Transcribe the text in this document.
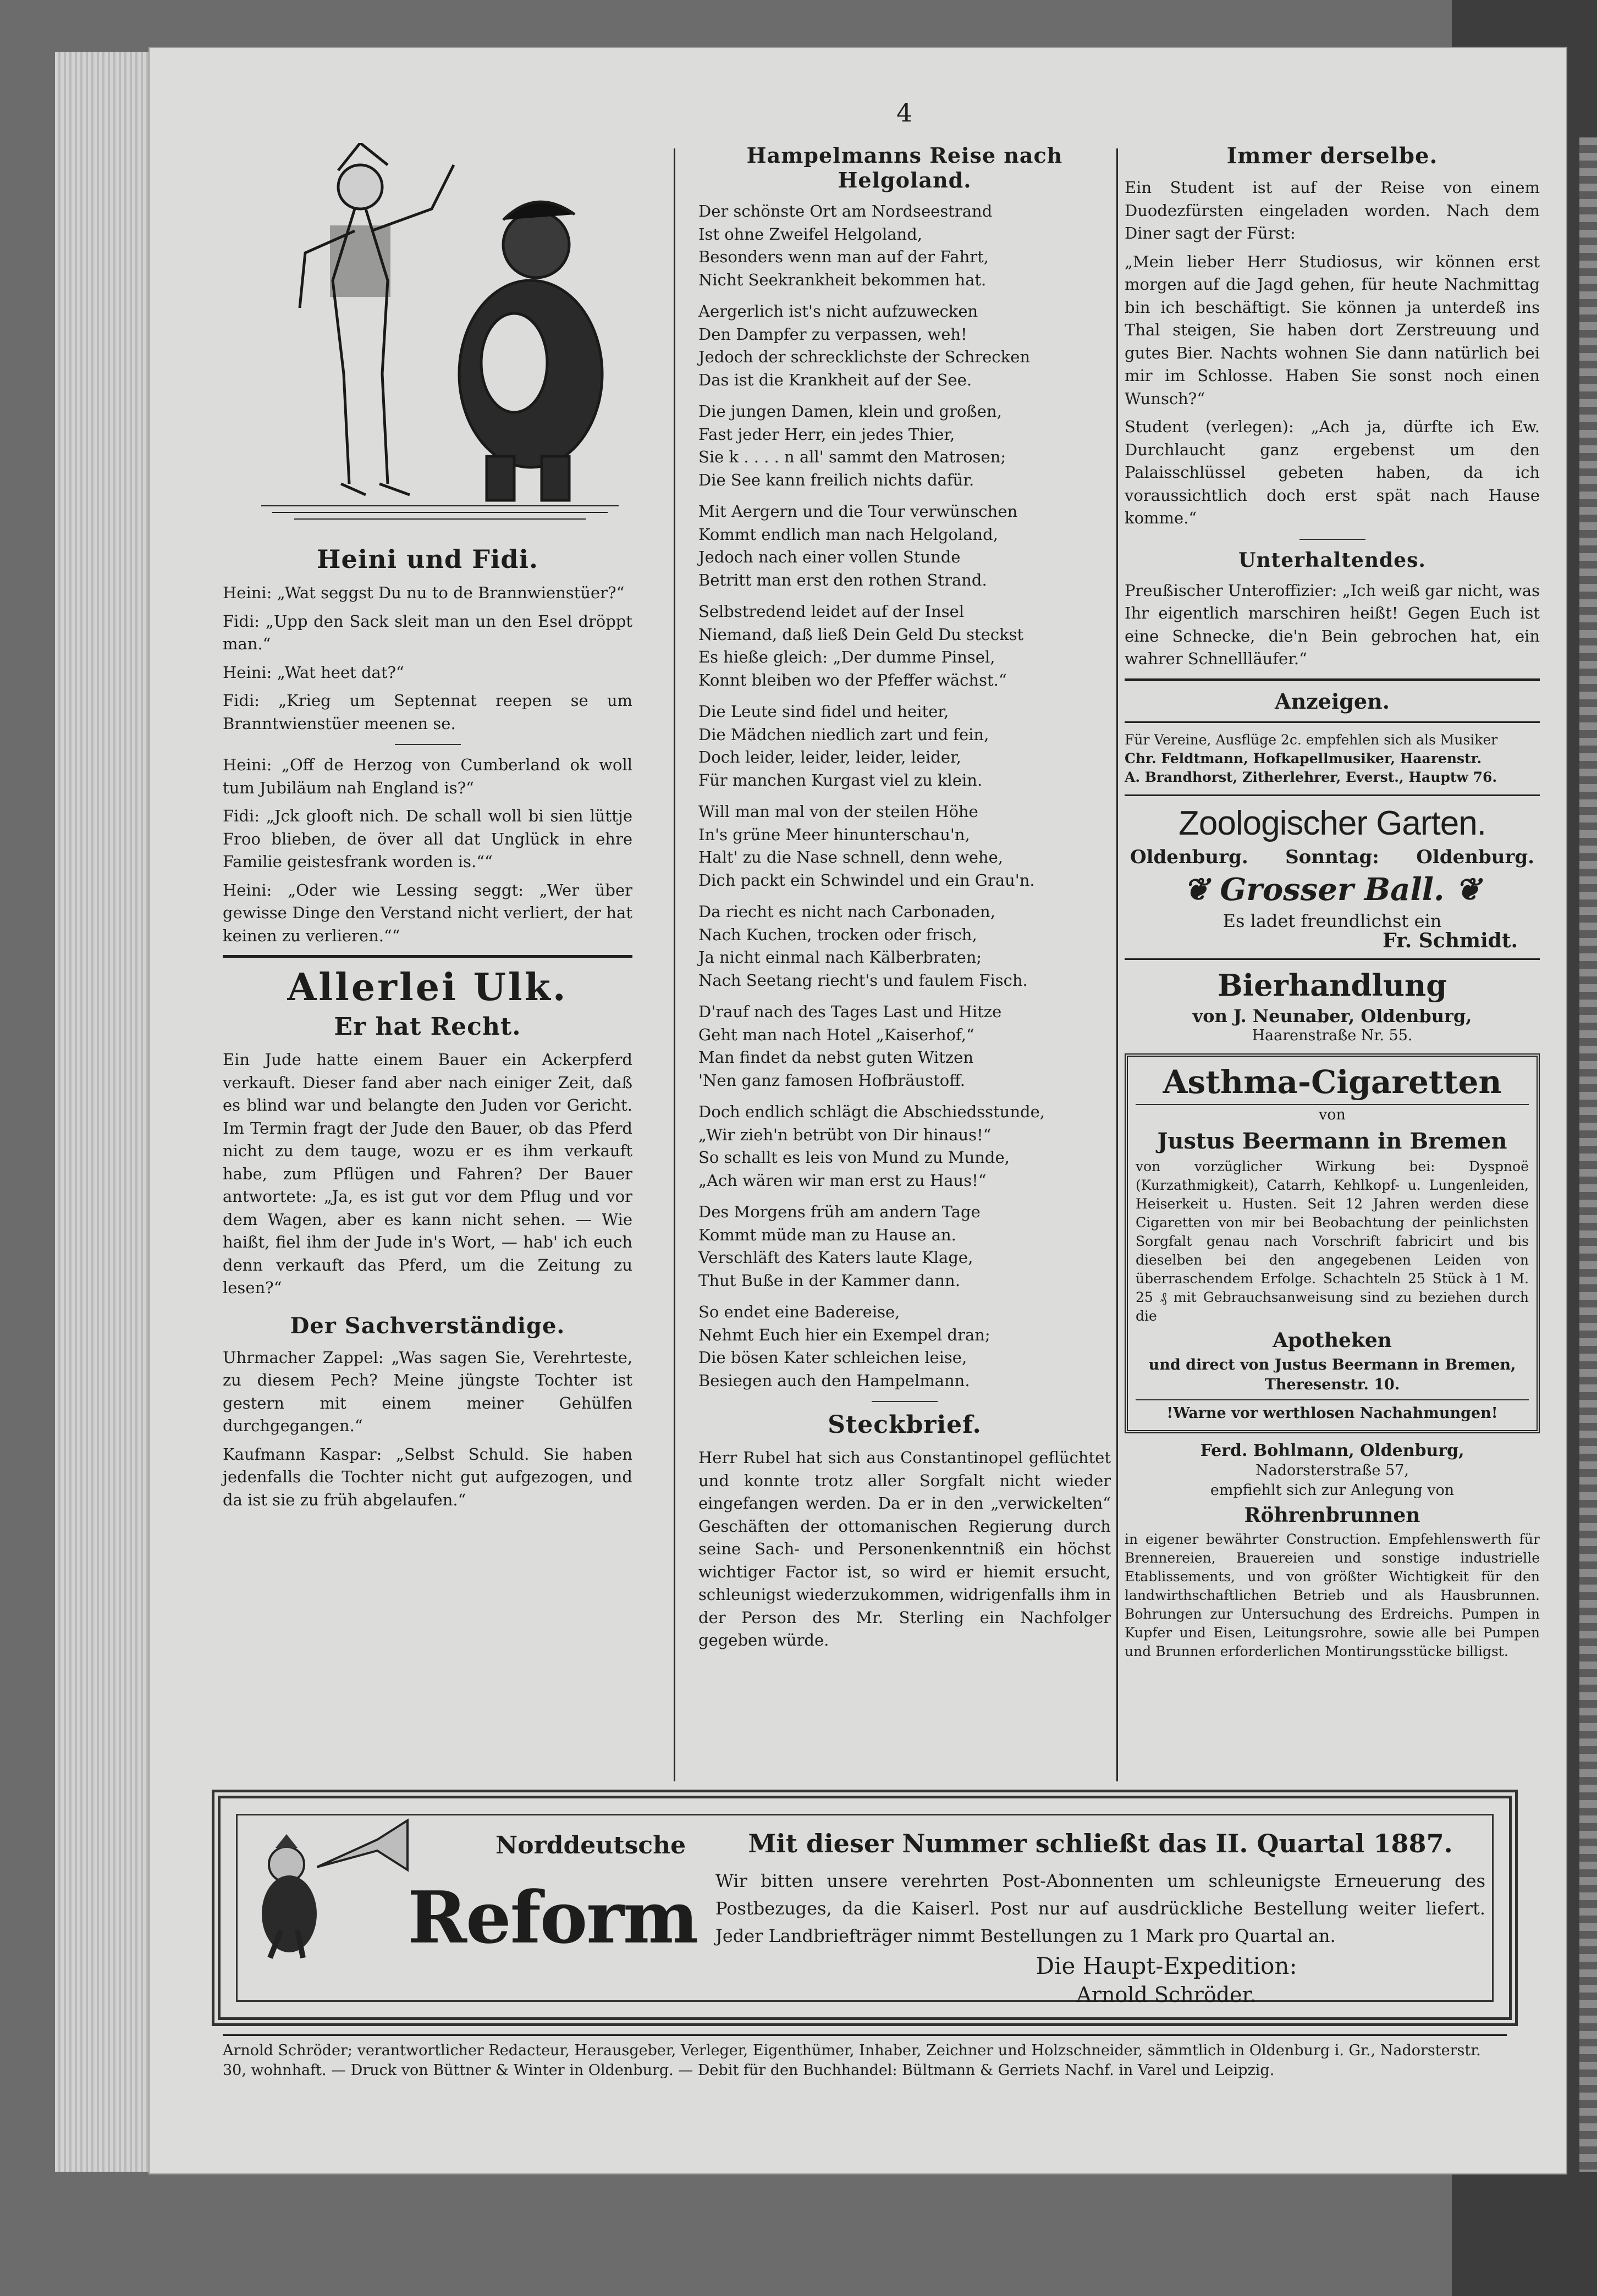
4
Heini und Fidi.

Heini: „Wat seggst Du nu to de Brannwienstüer?“

Fidi: „Upp den Sack sleit man un den Esel dröppt man.“

Heini: „Wat heet dat?“

Fidi: „Krieg um Septennat reepen se um Branntwienstüer meenen se.

Heini: „Off de Herzog von Cumberland ok woll tum Jubiläum nah England is?“

Fidi: „Jck glooft nich. De schall woll bi sien lüttje Froo blieben, de över all dat Unglück in ehre Familie geistesfrank worden is.““

Heini: „Oder wie Lessing seggt: „Wer über gewisse Dinge den Verstand nicht verliert, der hat keinen zu verlieren.““

Allerlei Ulk.
Er hat Recht.

Ein Jude hatte einem Bauer ein Ackerpferd verkauft. Dieser fand aber nach einiger Zeit, daß es blind war und belangte den Juden vor Gericht. Im Termin fragt der Jude den Bauer, ob das Pferd nicht zu dem tauge, wozu er es ihm verkauft habe, zum Pflügen und Fahren? Der Bauer antwortete: „Ja, es ist gut vor dem Pflug und vor dem Wagen, aber es kann nicht sehen. — Wie haißt, fiel ihm der Jude in's Wort, — hab' ich euch denn verkauft das Pferd, um die Zeitung zu lesen?“

Der Sachverständige.

Uhrmacher Zappel: „Was sagen Sie, Verehrteste, zu diesem Pech? Meine jüngste Tochter ist gestern mit einem meiner Gehülfen durchgegangen.“

Kaufmann Kaspar: „Selbst Schuld. Sie haben jedenfalls die Tochter nicht gut aufgezogen, und da ist sie zu früh abgelaufen.“

Hampelmanns Reise nach Helgoland.
Der schönste Ort am Nordseestrand
Ist ohne Zweifel Helgoland,
Besonders wenn man auf der Fahrt,
Nicht Seekrankheit bekommen hat.
Aergerlich ist's nicht aufzuwecken
Den Dampfer zu verpassen, weh!
Jedoch der schrecklichste der Schrecken
Das ist die Krankheit auf der See.
Die jungen Damen, klein und großen,
Fast jeder Herr, ein jedes Thier,
Sie k . . . . n all' sammt den Matrosen;
Die See kann freilich nichts dafür.
Mit Aergern und die Tour verwünschen
Kommt endlich man nach Helgoland,
Jedoch nach einer vollen Stunde
Betritt man erst den rothen Strand.
Selbstredend leidet auf der Insel
Niemand, daß ließ Dein Geld Du steckst
Es hieße gleich: „Der dumme Pinsel,
Konnt bleiben wo der Pfeffer wächst.“
Die Leute sind fidel und heiter,
Die Mädchen niedlich zart und fein,
Doch leider, leider, leider, leider,
Für manchen Kurgast viel zu klein.
Will man mal von der steilen Höhe
In's grüne Meer hinunterschau'n,
Halt' zu die Nase schnell, denn wehe,
Dich packt ein Schwindel und ein Grau'n.
Da riecht es nicht nach Carbonaden,
Nach Kuchen, trocken oder frisch,
Ja nicht einmal nach Kälberbraten;
Nach Seetang riecht's und faulem Fisch.
D'rauf nach des Tages Last und Hitze
Geht man nach Hotel „Kaiserhof,“
Man findet da nebst guten Witzen
'Nen ganz famosen Hofbräustoff.
Doch endlich schlägt die Abschiedsstunde,
„Wir zieh'n betrübt von Dir hinaus!“
So schallt es leis von Mund zu Munde,
„Ach wären wir man erst zu Haus!“
Des Morgens früh am andern Tage
Kommt müde man zu Hause an.
Verschläft des Katers laute Klage,
Thut Buße in der Kammer dann.
So endet eine Badereise,
Nehmt Euch hier ein Exempel dran;
Die bösen Kater schleichen leise,
Besiegen auch den Hampelmann.
Steckbrief.

Herr Rubel hat sich aus Constantinopel geflüchtet und konnte trotz aller Sorgfalt nicht wieder eingefangen werden. Da er in den „verwickelten“ Geschäften der ottomanischen Regierung durch seine Sach- und Personenkenntniß ein höchst wichtiger Factor ist, so wird er hiemit ersucht, schleunigst wiederzukommen, widrigenfalls ihm in der Person des Mr. Sterling ein Nachfolger gegeben würde.

Immer derselbe.

Ein Student ist auf der Reise von einem Duodezfürsten eingeladen worden. Nach dem Diner sagt der Fürst:

„Mein lieber Herr Studiosus, wir können erst morgen auf die Jagd gehen, für heute Nachmittag bin ich beschäftigt. Sie können ja unterdeß ins Thal steigen, Sie haben dort Zerstreuung und gutes Bier. Nachts wohnen Sie dann natürlich bei mir im Schlosse. Haben Sie sonst noch einen Wunsch?“

Student (verlegen): „Ach ja, dürfte ich Ew. Durchlaucht ganz ergebenst um den Palaisschlüssel gebeten haben, da ich voraussichtlich doch erst spät nach Hause komme.“

Unterhaltendes.

Preußischer Unteroffizier: „Ich weiß gar nicht, was Ihr eigentlich marschiren heißt! Gegen Euch ist eine Schnecke, die'n Bein gebrochen hat, ein wahrer Schnellläufer.“

Anzeigen.
Für Vereine, Ausflüge 2c. empfehlen sich als Musiker
Chr. Feldtmann, Hofkapellmusiker, Haarenstr.
A. Brandhorst, Zitherlehrer, Everst., Hauptw 76.
Zoologischer Garten.
Oldenburg. Sonntag: Oldenburg.
❦ Grosser Ball. ❦
Es ladet freundlichst ein
Fr. Schmidt.
Bierhandlung
von J. Neunaber, Oldenburg,
Haarenstraße Nr. 55.
Asthma-Cigaretten
von
Justus Beermann in Bremen
von vorzüglicher Wirkung bei: Dyspnoë (Kurzathmigkeit), Catarrh, Kehlkopf- u. Lungenleiden, Heiserkeit u. Husten. Seit 12 Jahren werden diese Cigaretten von mir bei Beobachtung der peinlichsten Sorgfalt genau nach Vorschrift fabricirt und bis dieselben bei den angegebenen Leiden von überraschendem Erfolge. Schachteln 25 Stück à 1 M. 25 ₰ mit Gebrauchsanweisung sind zu beziehen durch die
Apotheken
und direct von Justus Beermann in Bremen, Theresenstr. 10.
!Warne vor werthlosen Nachahmungen!
Ferd. Bohlmann, Oldenburg,
Nadorsterstraße 57,
empfiehlt sich zur Anlegung von
Röhrenbrunnen
in eigener bewährter Construction. Empfehlenswerth für Brennereien, Brauereien und sonstige industrielle Etablissements, und von größter Wichtigkeit für den landwirthschaftlichen Betrieb und als Hausbrunnen. Bohrungen zur Untersuchung des Erdreichs. Pumpen in Kupfer und Eisen, Leitungsrohre, sowie alle bei Pumpen und Brunnen erforderlichen Montirungsstücke billigst.
Norddeutsche
Reform
Mit dieser Nummer schließt das II. Quartal 1887.
Wir bitten unsere verehrten Post-Abonnenten um schleunigste Erneuerung des Postbezuges, da die Kaiserl. Post nur auf ausdrückliche Bestellung weiter liefert. Jeder Landbriefträger nimmt Bestellungen zu 1 Mark pro Quartal an.
Die Haupt-Expedition:
Arnold Schröder.
Arnold Schröder; verantwortlicher Redacteur, Herausgeber, Verleger, Eigenthümer, Inhaber, Zeichner und Holzschneider, sämmtlich in Oldenburg i. Gr., Nadorsterstr. 30, wohnhaft. — Druck von Büttner & Winter in Oldenburg. — Debit für den Buchhandel: Bültmann & Gerriets Nachf. in Varel und Leipzig.
